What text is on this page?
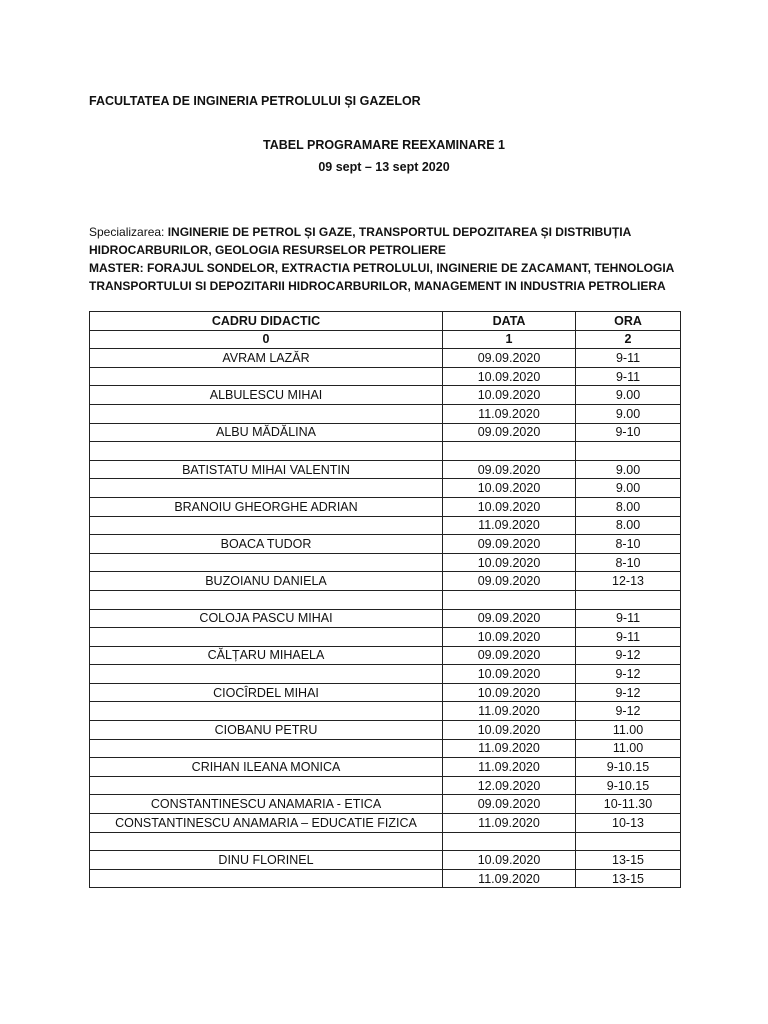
FACULTATEA DE INGINERIA PETROLULUI ȘI GAZELOR
TABEL PROGRAMARE REEXAMINARE 1
09 sept – 13 sept 2020
Specializarea: INGINERIE DE PETROL ȘI GAZE, TRANSPORTUL DEPOZITAREA ȘI DISTRIBUȚIA
HIDROCARBURILOR, GEOLOGIA RESURSELOR PETROLIERE
MASTER: FORAJUL SONDELOR, EXTRACTIA PETROLULUI, INGINERIE DE ZACAMANT, TEHNOLOGIA
TRANSPORTULUI SI DEPOZITARII HIDROCARBURILOR, MANAGEMENT IN INDUSTRIA PETROLIERA
CADRU DIDACTIC	DATA	ORA
0	1	2
AVRAM LAZĂR	09.09.2020	9-11
	10.09.2020	9-11
ALBULESCU MIHAI	10.09.2020	9.00
	11.09.2020	9.00
ALBU MĂDĂLINA	09.09.2020	9-10

BATISTATU MIHAI VALENTIN	09.09.2020	9.00
	10.09.2020	9.00
BRANOIU GHEORGHE ADRIAN	10.09.2020	8.00
	11.09.2020	8.00
BOACA TUDOR	09.09.2020	8-10
	10.09.2020	8-10
BUZOIANU DANIELA	09.09.2020	12-13

COLOJA PASCU MIHAI	09.09.2020	9-11
	10.09.2020	9-11
CĂLȚARU MIHAELA	09.09.2020	9-12
	10.09.2020	9-12
CIOCÎRDEL MIHAI	10.09.2020	9-12
	11.09.2020	9-12
CIOBANU PETRU	10.09.2020	11.00
	11.09.2020	11.00
CRIHAN ILEANA MONICA	11.09.2020	9-10.15
	12.09.2020	9-10.15
CONSTANTINESCU ANAMARIA - ETICA	09.09.2020	10-11.30
CONSTANTINESCU ANAMARIA – EDUCATIE FIZICA	11.09.2020	10-13

DINU FLORINEL	10.09.2020	13-15
	11.09.2020	13-15
